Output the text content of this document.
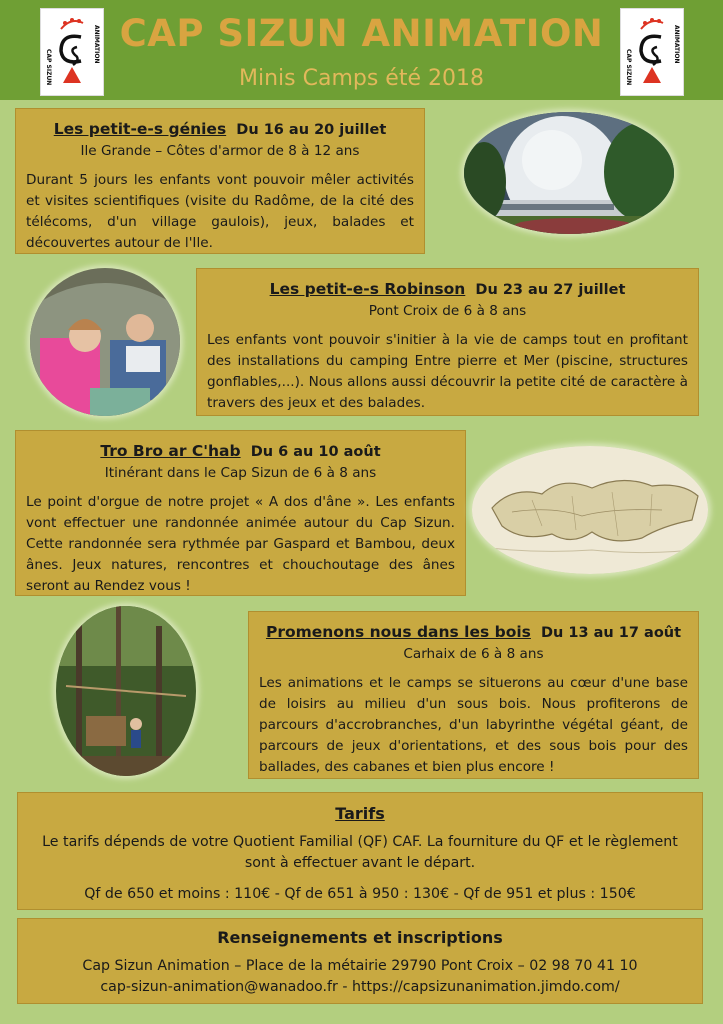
CAP SIZUN
ANIMATION CAP SIZUN ANIMATION
Minis Camps été 2018	CAP SIZUN
ANIMATION
Les petit-e-s génies Du 16 au 20 juillet
Ile Grande – Côtes d'armor de 8 à 12 ans
Durant 5 jours les enfants vont pouvoir mêler activités et visites scientifiques (visite du Radôme, de la cité des télécoms, d'un village gaulois), jeux, balades et découvertes autour de l'Ile.
Les petit-e-s Robinson Du 23 au 27 juillet
Pont Croix de 6 à 8 ans
Les enfants vont pouvoir s'initier à la vie de camps tout en profitant des installations du camping Entre pierre et Mer (piscine, structures gonflables,...). Nous allons aussi découvrir la petite cité de caractère à travers des jeux et des balades.
Tro Bro ar C'hab Du 6 au 10 août
Itinérant dans le Cap Sizun de 6 à 8 ans
Le point d'orgue de notre projet « A dos d'âne ». Les enfants vont effectuer une randonnée animée autour du Cap Sizun. Cette randonnée sera rythmée par Gaspard et Bambou, deux ânes. Jeux natures, rencontres et chouchoutage des ânes seront au Rendez vous !
Promenons nous dans les bois Du 13 au 17 août
Carhaix de 6 à 8 ans
Les animations et le camps se situerons au cœur d'une base de loisirs au milieu d'un sous bois. Nous profiterons de parcours d'accrobranches, d'un labyrinthe végétal géant, de parcours de jeux d'orientations, et des sous bois pour des ballades, des cabanes et bien plus encore !
Tarifs
Le tarifs dépends de votre Quotient Familial (QF) CAF. La fourniture du QF et le règlement sont à effectuer avant le départ.
Qf de 650 et moins : 110€ - Qf de 651 à 950 : 130€ - Qf de 951 et plus : 150€
Renseignements et inscriptions
Cap Sizun Animation – Place de la métairie 29790 Pont Croix – 02 98 70 41 10
cap-sizun-animation@wanadoo.fr - https://capsizunanimation.jimdo.com/
